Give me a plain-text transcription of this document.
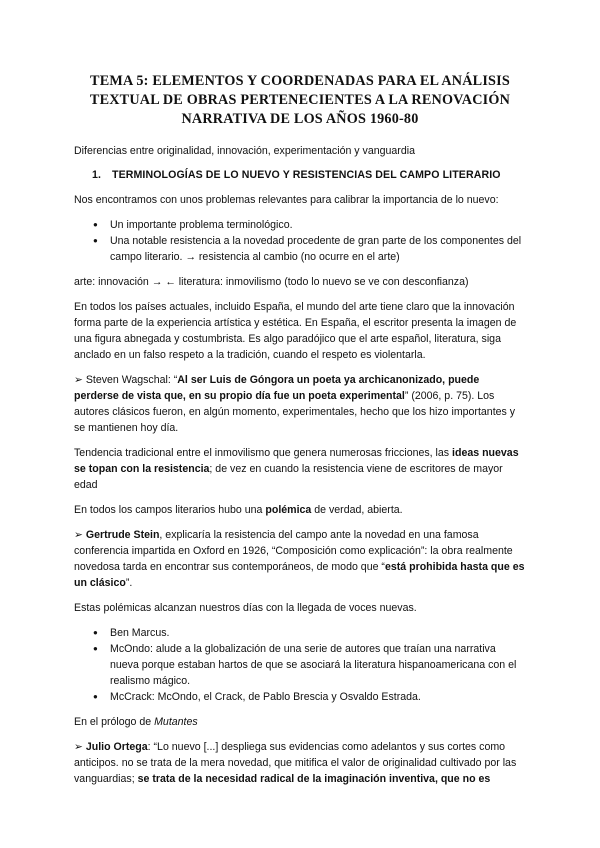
TEMA 5: ELEMENTOS Y COORDENADAS PARA EL ANÁLISIS
TEXTUAL DE OBRAS PERTENECIENTES A LA RENOVACIÓN
NARRATIVA DE LOS AÑOS 1960-80

Diferencias entre originalidad, innovación, experimentación y vanguardia

1. TERMINOLOGÍAS DE LO NUEVO Y RESISTENCIAS DEL CAMPO LITERARIO

Nos encontramos con unos problemas relevantes para calibrar la importancia de lo nuevo:

● Un importante problema terminológico.
● Una notable resistencia a la novedad procedente de gran parte de los componentes del campo literario. → resistencia al cambio (no ocurre en el arte)

arte: innovación → ← literatura: inmovilismo (todo lo nuevo se ve con desconfianza)

En todos los países actuales, incluido España, el mundo del arte tiene claro que la innovación forma parte de la experiencia artística y estética. En España, el escritor presenta la imagen de una figura abnegada y costumbrista. Es algo paradójico que el arte español, literatura, siga anclado en un falso respeto a la tradición, cuando el respeto es violentarla.

➢ Steven Wagschal: “Al ser Luis de Góngora un poeta ya archicanonizado, puede perderse de vista que, en su propio día fue un poeta experimental” (2006, p. 75). Los autores clásicos fueron, en algún momento, experimentales, hecho que los hizo importantes y se mantienen hoy día.

Tendencia tradicional entre el inmovilismo que genera numerosas fricciones, las ideas nuevas se topan con la resistencia; de vez en cuando la resistencia viene de escritores de mayor edad

En todos los campos literarios hubo una polémica de verdad, abierta.

➢ Gertrude Stein, explicaría la resistencia del campo ante la novedad en una famosa conferencia impartida en Oxford en 1926, “Composición como explicación”: la obra realmente novedosa tarda en encontrar sus contemporáneos, de modo que “está prohibida hasta que es un clásico”.

Estas polémicas alcanzan nuestros días con la llegada de voces nuevas.

● Ben Marcus.
● McOndo: alude a la globalización de una serie de autores que traían una narrativa nueva porque estaban hartos de que se asociará la literatura hispanoamericana con el realismo mágico.
● McCrack: McOndo, el Crack, de Pablo Brescia y Osvaldo Estrada.

En el prólogo de Mutantes

➢ Julio Ortega: “Lo nuevo [...] despliega sus evidencias como adelantos y sus cortes como anticipos. no se trata de la mera novedad, que mitifica el valor de originalidad cultivado por las vanguardias; se trata de la necesidad radical de la imaginación inventiva, que no es
